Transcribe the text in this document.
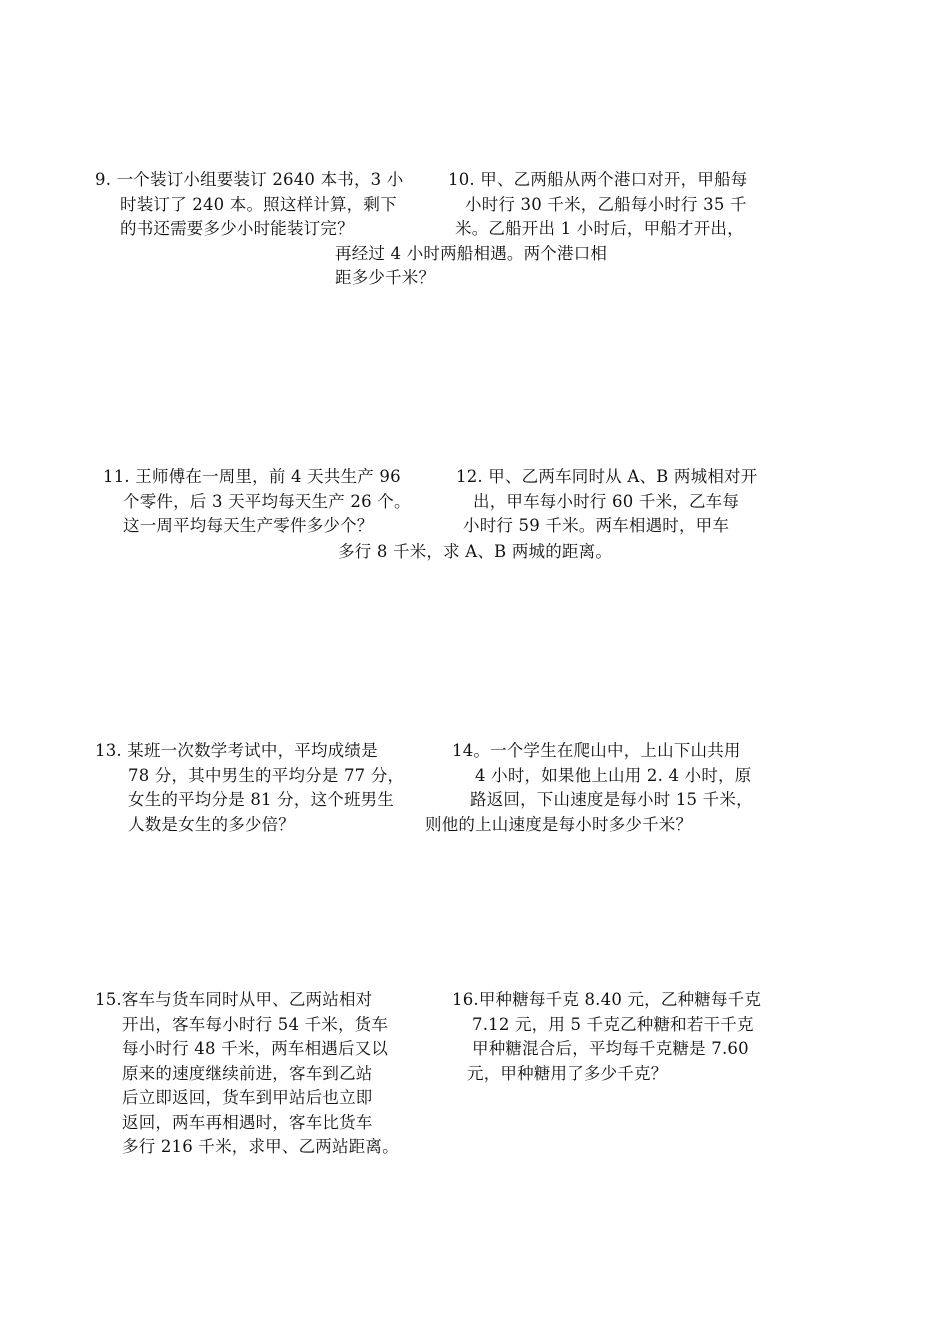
9. 一个装订小组要装订 2640 本书，3 小
时装订了 240 本。照这样计算，剩下
的书还需要多少小时能装订完？
10. 甲、乙两船从两个港口对开，甲船每
小时行 30 千米，乙船每小时行 35 千
米。乙船开出 1 小时后，甲船才开出，
再经过 4 小时两船相遇。两个港口相
距多少千米？
11. 王师傅在一周里，前 4 天共生产 96
个零件，后 3 天平均每天生产 26 个。
这一周平均每天生产零件多少个？
12. 甲、乙两车同时从 A、B 两城相对开
出，甲车每小时行 60 千米，乙车每
小时行 59 千米。两车相遇时，甲车
多行 8 千米，求 A、B 两城的距离。
13. 某班一次数学考试中，平均成绩是
78 分，其中男生的平均分是 77 分，
女生的平均分是 81 分，这个班男生
人数是女生的多少倍？
14。一个学生在爬山中，上山下山共用
4 小时，如果他上山用 2. 4 小时，原
路返回，下山速度是每小时 15 千米，
则他的上山速度是每小时多少千米？
15.客车与货车同时从甲、乙两站相对
开出，客车每小时行 54 千米，货车
每小时行 48 千米，两车相遇后又以
原来的速度继续前进，客车到乙站
后立即返回，货车到甲站后也立即
返回，两车再相遇时，客车比货车
多行 216 千米，求甲、乙两站距离。
16.甲种糖每千克 8.40 元，乙种糖每千克
7.12 元，用 5 千克乙种糖和若干千克
甲种糖混合后，平均每千克糖是 7.60
元，甲种糖用了多少千克？
